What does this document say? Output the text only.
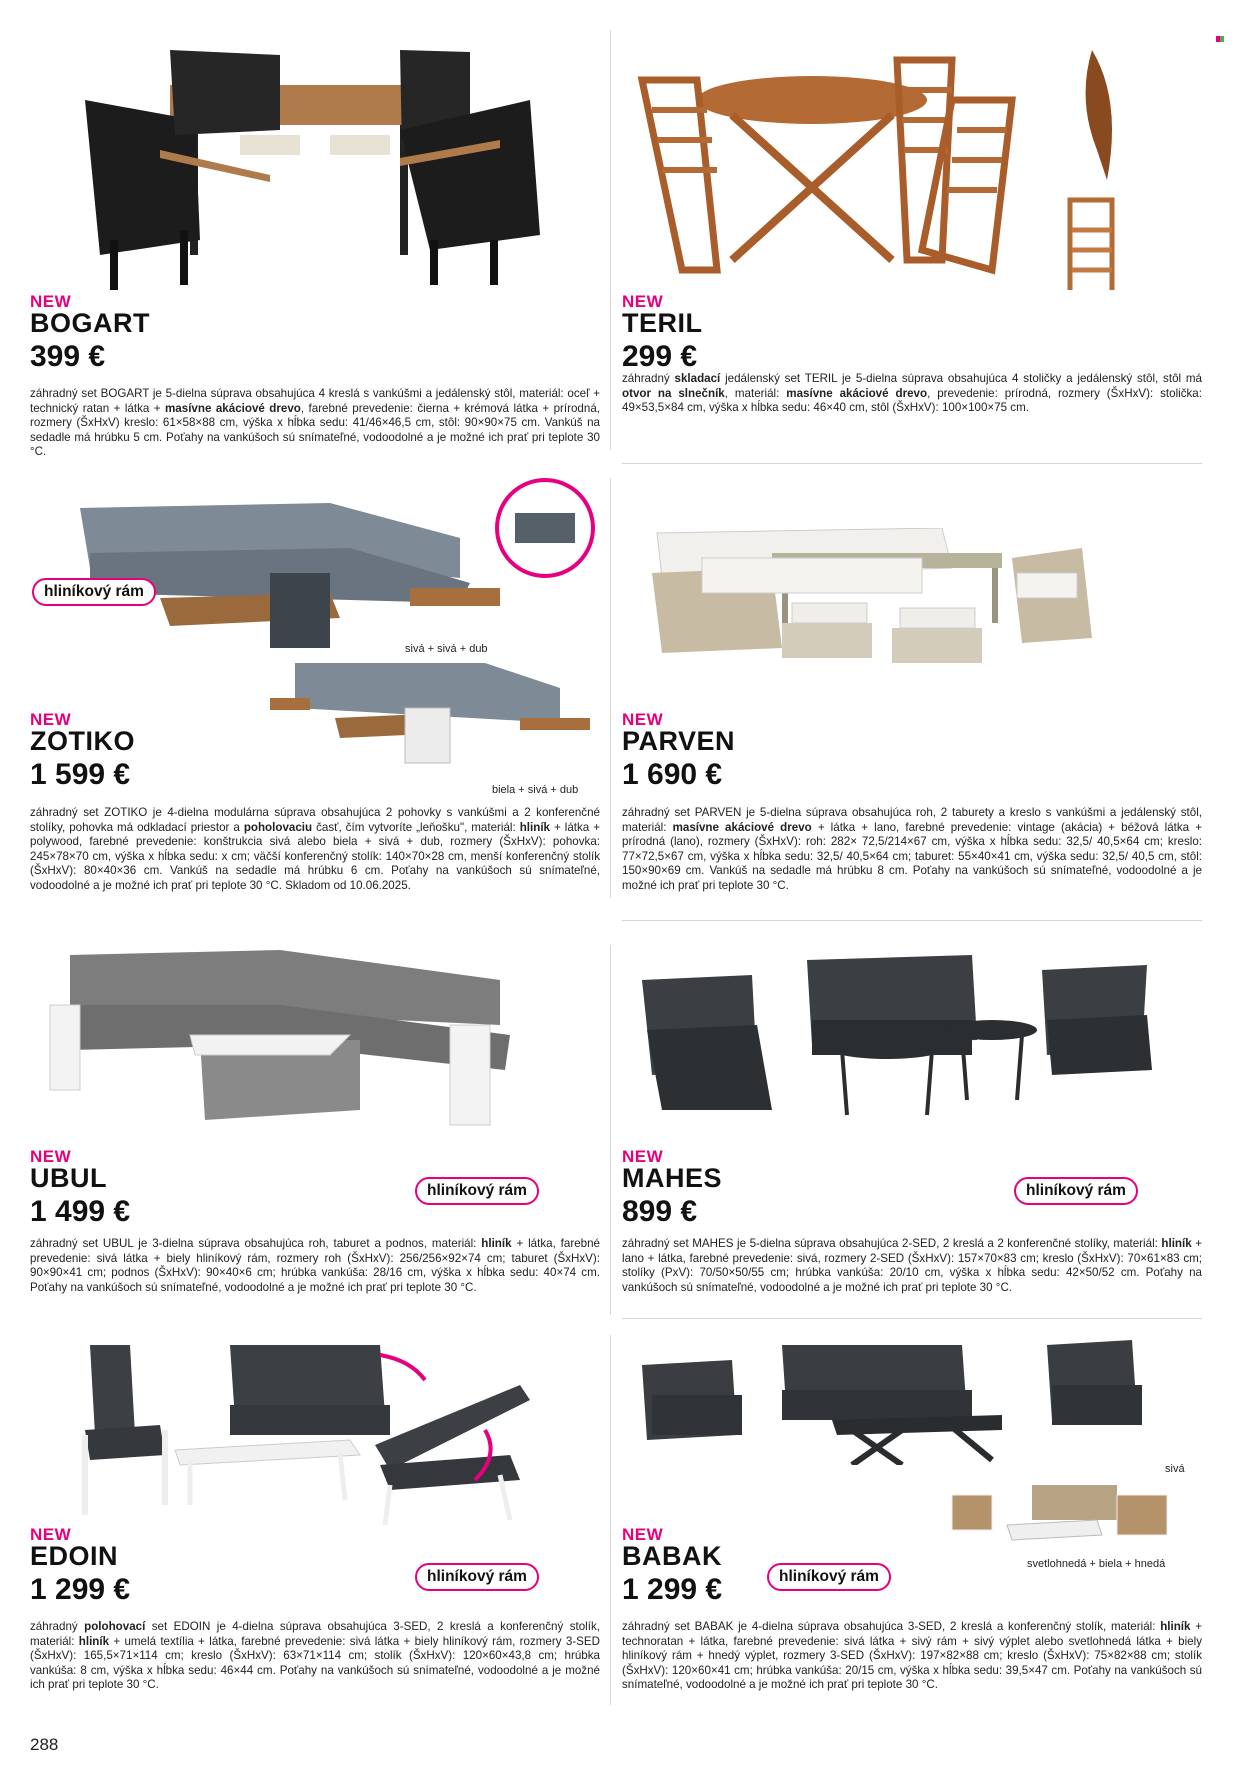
NEW
BOGART
399 €
záhradný set BOGART je 5-dielna súprava obsahujúca 4 kreslá s vankúšmi a jedálenský stôl, materiál: oceľ + technický ratan + látka + masívne akáciové drevo, farebné prevedenie: čierna + krémová látka + prírodná, rozmery (ŠxHxV) kreslo: 61×58×88 cm, výška x hĺbka sedu: 41/46×46,5 cm, stôl: 90×90×75 cm. Vankúš na sedadle má hrúbku 5 cm. Poťahy na vankúšoch sú snímateľné, vodoodolné a je možné ich prať pri teplote 30 °C.
NEW
TERIL
299 €
záhradný skladací jedálenský set TERIL je 5-dielna súprava obsahujúca 4 stoličky a jedálenský stôl, stôl má otvor na slnečník, materiál: masívne akáciové drevo, prevedenie: prírodná, rozmery (ŠxHxV): stolička: 49×53,5×84 cm, výška x hĺbka sedu: 46×40 cm, stôl (ŠxHxV): 100×100×75 cm.
sivá + sivá + dub
hliníkový rám
biela + sivá + dub
NEW
ZOTIKO
1 599 €
záhradný set ZOTIKO je 4-dielna modulárna súprava obsahujúca 2 pohovky s vankúšmi a 2 konferenčné stolíky, pohovka má odkladací priestor a poholovaciu časť, čím vytvoríte „leňošku", materiál: hliník + látka + polywood, farebné prevedenie: konštrukcia sivá alebo biela + sivá + dub, rozmery (ŠxHxV): pohovka: 245×78×70 cm, výška x hĺbka sedu: x cm; väčší konferenčný stolík: 140×70×28 cm, menší konferenčný stolík (ŠxHxV): 80×40×36 cm. Vankúš na sedadle má hrúbku 6 cm. Poťahy na vankúšoch sú snímateľné, vodoodolné a je možné ich prať pri teplote 30 °C. Skladom od 10.06.2025.
NEW
PARVEN
1 690 €
záhradný set PARVEN je 5-dielna súprava obsahujúca roh, 2 taburety a kreslo s vankúšmi a jedálenský stôl, materiál: masívne akáciové drevo + látka + lano, farebné prevedenie: vintage (akácia) + béžová látka + prírodná (lano), rozmery (ŠxHxV): roh: 282× 72,5/214×67 cm, výška x hĺbka sedu: 32,5/ 40,5×64 cm; kreslo: 77×72,5×67 cm, výška x hĺbka sedu: 32,5/ 40,5×64 cm; taburet: 55×40×41 cm, výška sedu: 32,5/ 40,5 cm, stôl: 150×90×69 cm. Vankúš na sedadle má hrúbku 8 cm. Poťahy na vankúšoch sú snímateľné, vodoodolné a je možné ich prať pri teplote 30 °C.
NEW
UBUL
1 499 €
hliníkový rám
záhradný set UBUL je 3-dielna súprava obsahujúca roh, taburet a podnos, materiál: hliník + látka, farebné prevedenie: sivá látka + biely hliníkový rám, rozmery roh (ŠxHxV): 256/256×92×74 cm; taburet (ŠxHxV): 90×90×41 cm; podnos (ŠxHxV): 90×40×6 cm; hrúbka vankúša: 28/16 cm, výška x hĺbka sedu: 40×74 cm. Poťahy na vankúšoch sú snímateľné, vodoodolné a je možné ich prať pri teplote 30 °C.
NEW
MAHES
899 €
hliníkový rám
záhradný set MAHES je 5-dielna súprava obsahujúca 2-SED, 2 kreslá a 2 konferenčné stolíky, materiál: hliník + lano + látka, farebné prevedenie: sivá, rozmery 2-SED (ŠxHxV): 157×70×83 cm; kreslo (ŠxHxV): 70×61×83 cm; stolíky (PxV): 70/50×50/55 cm; hrúbka vankúša: 20/10 cm, výška x hĺbka sedu: 42×50/52 cm. Poťahy na vankúšoch sú snímateľné, vodoodolné a je možné ich prať pri teplote 30 °C.
NEW
EDOIN
1 299 €	hliníkový rám
záhradný polohovací set EDOIN je 4-dielna súprava obsahujúca 3-SED, 2 kreslá a konferenčný stolík, materiál: hliník + umelá textília + látka, farebné prevedenie: sivá látka + biely hliníkový rám, rozmery 3-SED (ŠxHxV): 165,5×71×114 cm; kreslo (ŠxHxV): 63×71×114 cm; stolík (ŠxHxV): 120×60×43,8 cm; hrúbka vankúša: 8 cm, výška x hĺbka sedu: 46×44 cm. Poťahy na vankúšoch sú snímateľné, vodoodolné a je možné ich prať pri teplote 30 °C.
sivá
svetlohnedá + biela + hnedá
NEW
BABAK
1 299 €	hliníkový rám
záhradný set BABAK je 4-dielna súprava obsahujúca 3-SED, 2 kreslá a konferenčný stolík, materiál: hliník + technoratan + látka, farebné prevedenie: sivá látka + sivý rám + sivý výplet alebo svetlohnedá látka + biely hliníkový rám + hnedý výplet, rozmery 3-SED (ŠxHxV): 197×82×88 cm; kreslo (ŠxHxV): 75×82×88 cm; stolík (ŠxHxV): 120×60×41 cm; hrúbka vankúša: 20/15 cm, výška x hĺbka sedu: 39,5×47 cm. Poťahy na vankúšoch sú snímateľné, vodoodolné a je možné ich prať pri teplote 30 °C.
288
